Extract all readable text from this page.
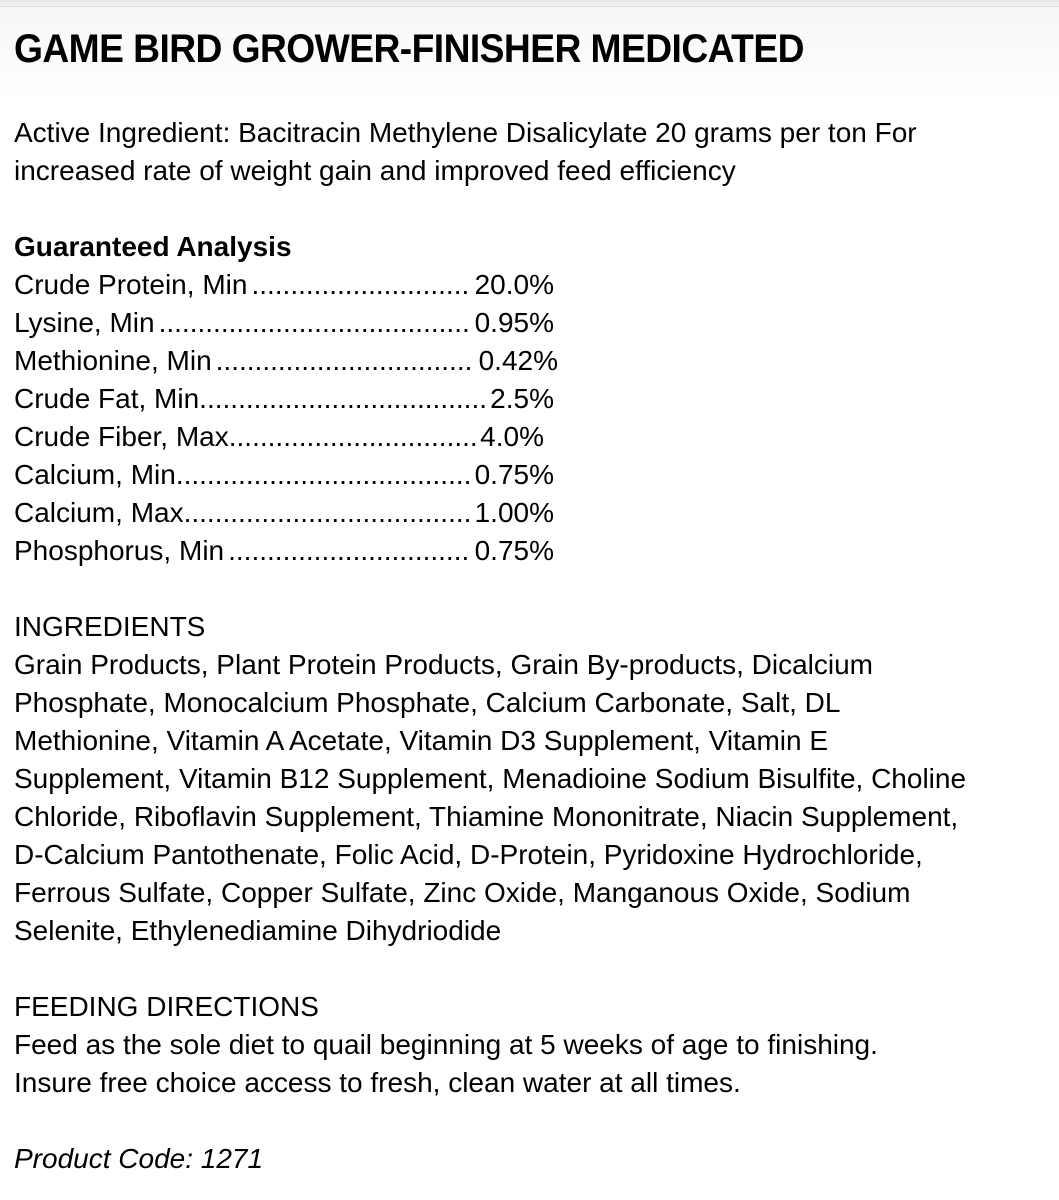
GAME BIRD GROWER-FINISHER MEDICATED

Active Ingredient: Bacitracin Methylene Disalicylate 20 grams per ton For increased rate of weight gain and improved feed efficiency

Guaranteed Analysis

Crude Protein, Min .....	20.0%
Lysine, Min .....	0.95%
Methionine, Min .....	0.42%
Crude Fat, Min .....	2.5%
Crude Fiber, Max .....	4.0%
Calcium, Min .....	0.75%
Calcium, Max .....	1.00%
Phosphorus, Min .....	0.75%

INGREDIENTS

Grain Products, Plant Protein Products, Grain By-products, Dicalcium Phosphate, Monocalcium Phosphate, Calcium Carbonate, Salt, DL Methionine, Vitamin A Acetate, Vitamin D3 Supplement, Vitamin E Supplement, Vitamin B12 Supplement, Menadioine Sodium Bisulfite, Choline Chloride, Riboflavin Supplement, Thiamine Mononitrate, Niacin Supplement, D-Calcium Pantothenate, Folic Acid, D-Protein, Pyridoxine Hydrochloride, Ferrous Sulfate, Copper Sulfate, Zinc Oxide, Manganous Oxide, Sodium Selenite, Ethylenediamine Dihydriodide

FEEDING DIRECTIONS

Feed as the sole diet to quail beginning at 5 weeks of age to finishing.

Insure free choice access to fresh, clean water at all times.

Product Code: 1271
